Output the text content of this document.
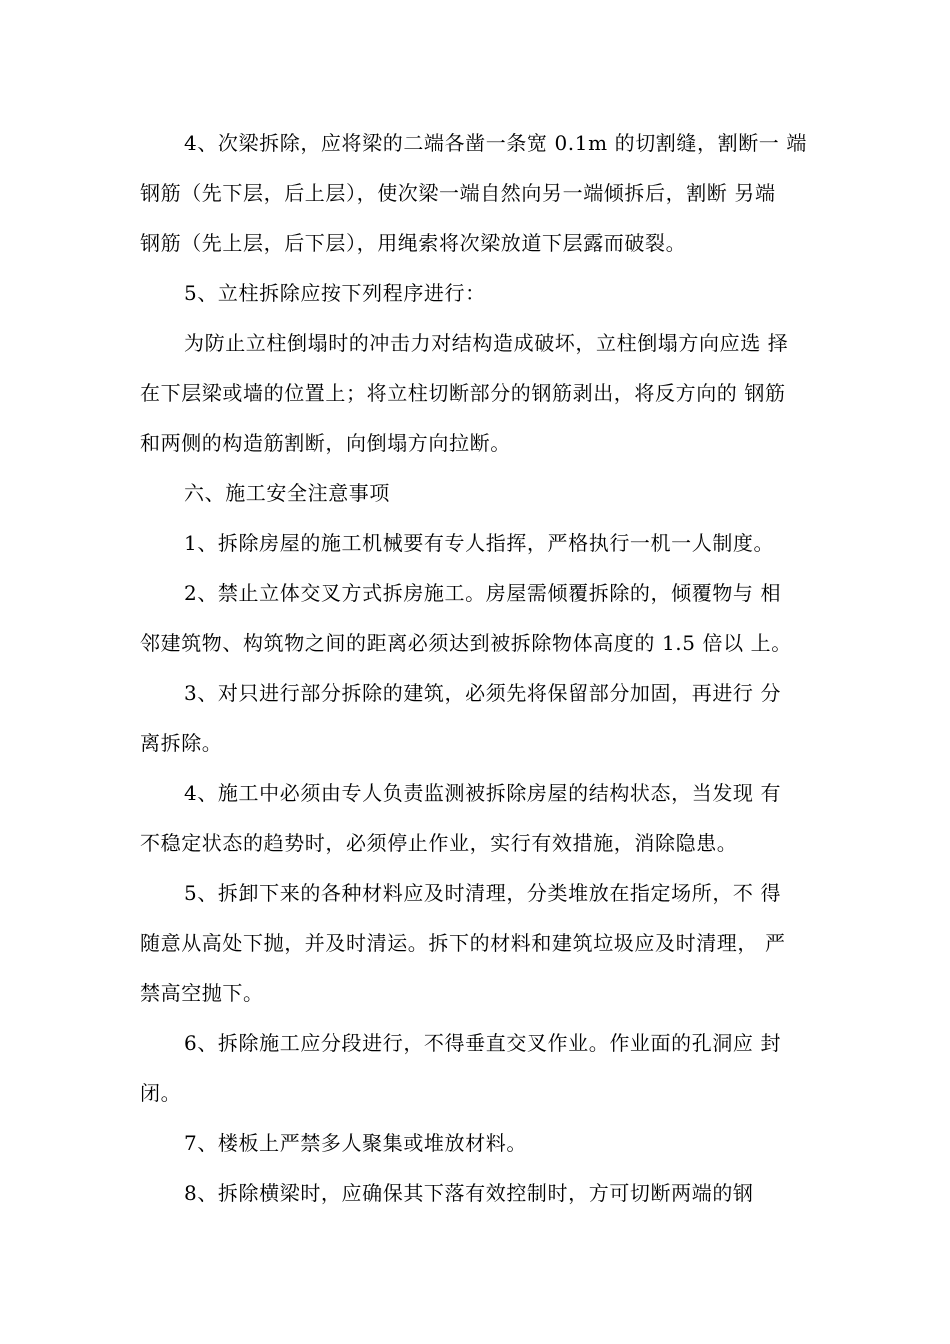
4、次梁拆除，应将梁的二端各凿一条宽 0.1m 的切割缝，割断一 端

钢筋（先下层，后上层），使次梁一端自然向另一端倾拆后，割断 另端

钢筋（先上层，后下层），用绳索将次梁放道下层露而破裂。

5、立柱拆除应按下列程序进行：

为防止立柱倒塌时的冲击力对结构造成破坏，立柱倒塌方向应选 择

在下层梁或墙的位置上；将立柱切断部分的钢筋剥出，将反方向的 钢筋

和两侧的构造筋割断，向倒塌方向拉断。

六、施工安全注意事项

1、拆除房屋的施工机械要有专人指挥，严格执行一机一人制度。

2、禁止立体交叉方式拆房施工。房屋需倾覆拆除的，倾覆物与 相

邻建筑物、构筑物之间的距离必须达到被拆除物体高度的 1.5 倍以 上。

3、对只进行部分拆除的建筑，必须先将保留部分加固，再进行 分

离拆除。

4、施工中必须由专人负责监测被拆除房屋的结构状态，当发现 有

不稳定状态的趋势时，必须停止作业，实行有效措施，消除隐患。

5、拆卸下来的各种材料应及时清理，分类堆放在指定场所，不 得

随意从高处下抛，并及时清运。拆下的材料和建筑垃圾应及时清理， 严

禁高空抛下。

6、拆除施工应分段进行，不得垂直交叉作业。作业面的孔洞应 封

闭。

7、楼板上严禁多人聚集或堆放材料。

8、拆除横梁时，应确保其下落有效控制时，方可切断两端的钢
